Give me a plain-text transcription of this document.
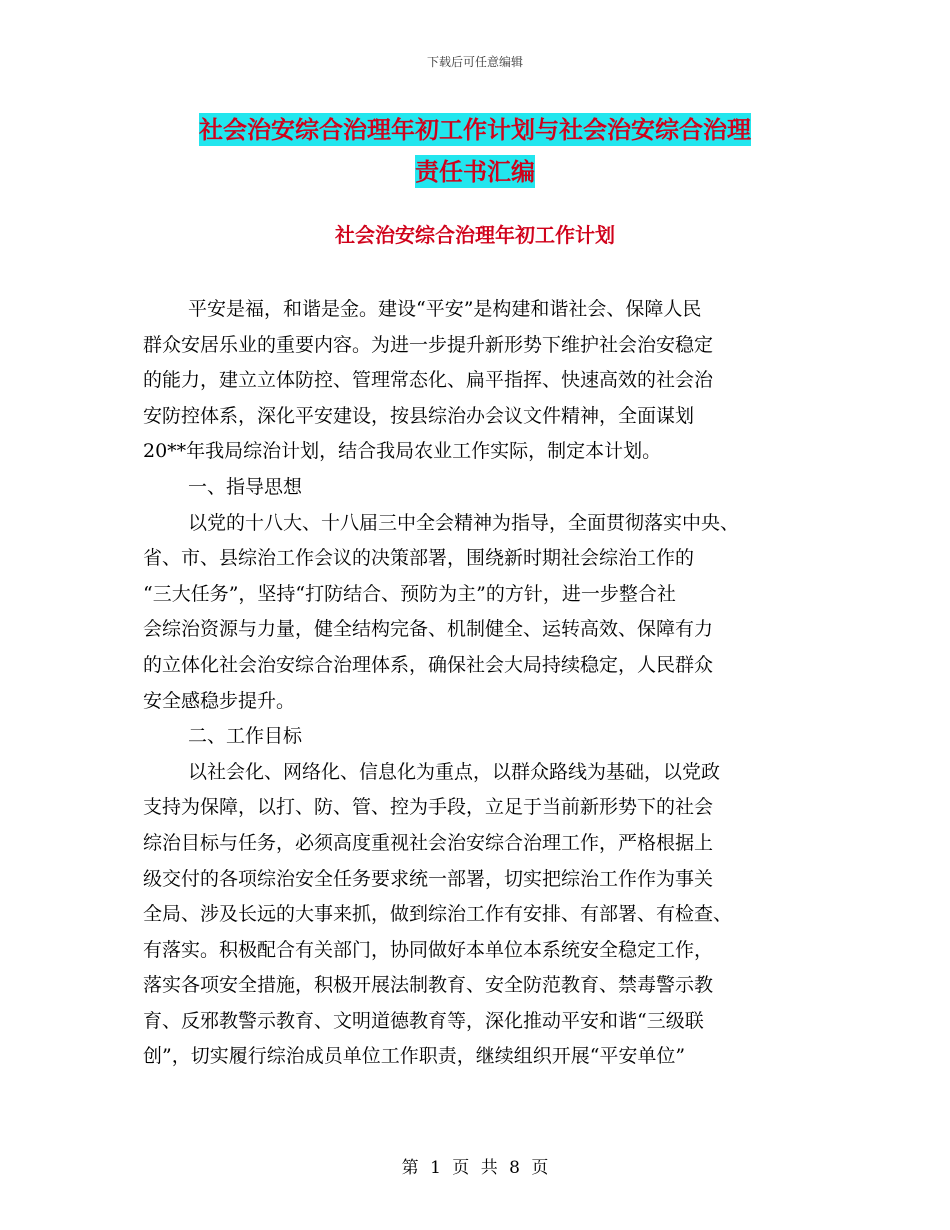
下载后可任意编辑
社会治安综合治理年初工作计划与社会治安综合治理
责任书汇编
社会治安综合治理年初工作计划
平安是福，和谐是金。建设“平安”是构建和谐社会、保障人民
群众安居乐业的重要内容。为进一步提升新形势下维护社会治安稳定
的能力，建立立体防控、管理常态化、扁平指挥、快速高效的社会治
安防控体系，深化平安建设，按县综治办会议文件精神，全面谋划
20**年我局综治计划，结合我局农业工作实际，制定本计划。
一、指导思想
以党的十八大、十八届三中全会精神为指导，全面贯彻落实中央、
省、市、县综治工作会议的决策部署，围绕新时期社会综治工作的
“三大任务”，坚持“打防结合、预防为主”的方针，进一步整合社
会综治资源与力量，健全结构完备、机制健全、运转高效、保障有力
的立体化社会治安综合治理体系，确保社会大局持续稳定，人民群众
安全感稳步提升。
二、工作目标
以社会化、网络化、信息化为重点，以群众路线为基础，以党政
支持为保障，以打、防、管、控为手段，立足于当前新形势下的社会
综治目标与任务，必须高度重视社会治安综合治理工作，严格根据上
级交付的各项综治安全任务要求统一部署，切实把综治工作作为事关
全局、涉及长远的大事来抓，做到综治工作有安排、有部署、有检查、
有落实。积极配合有关部门，协同做好本单位本系统安全稳定工作，
落实各项安全措施，积极开展法制教育、安全防范教育、禁毒警示教
育、反邪教警示教育、文明道德教育等，深化推动平安和谐“三级联
创”，切实履行综治成员单位工作职责，继续组织开展“平安单位”
第 1 页 共 8 页
